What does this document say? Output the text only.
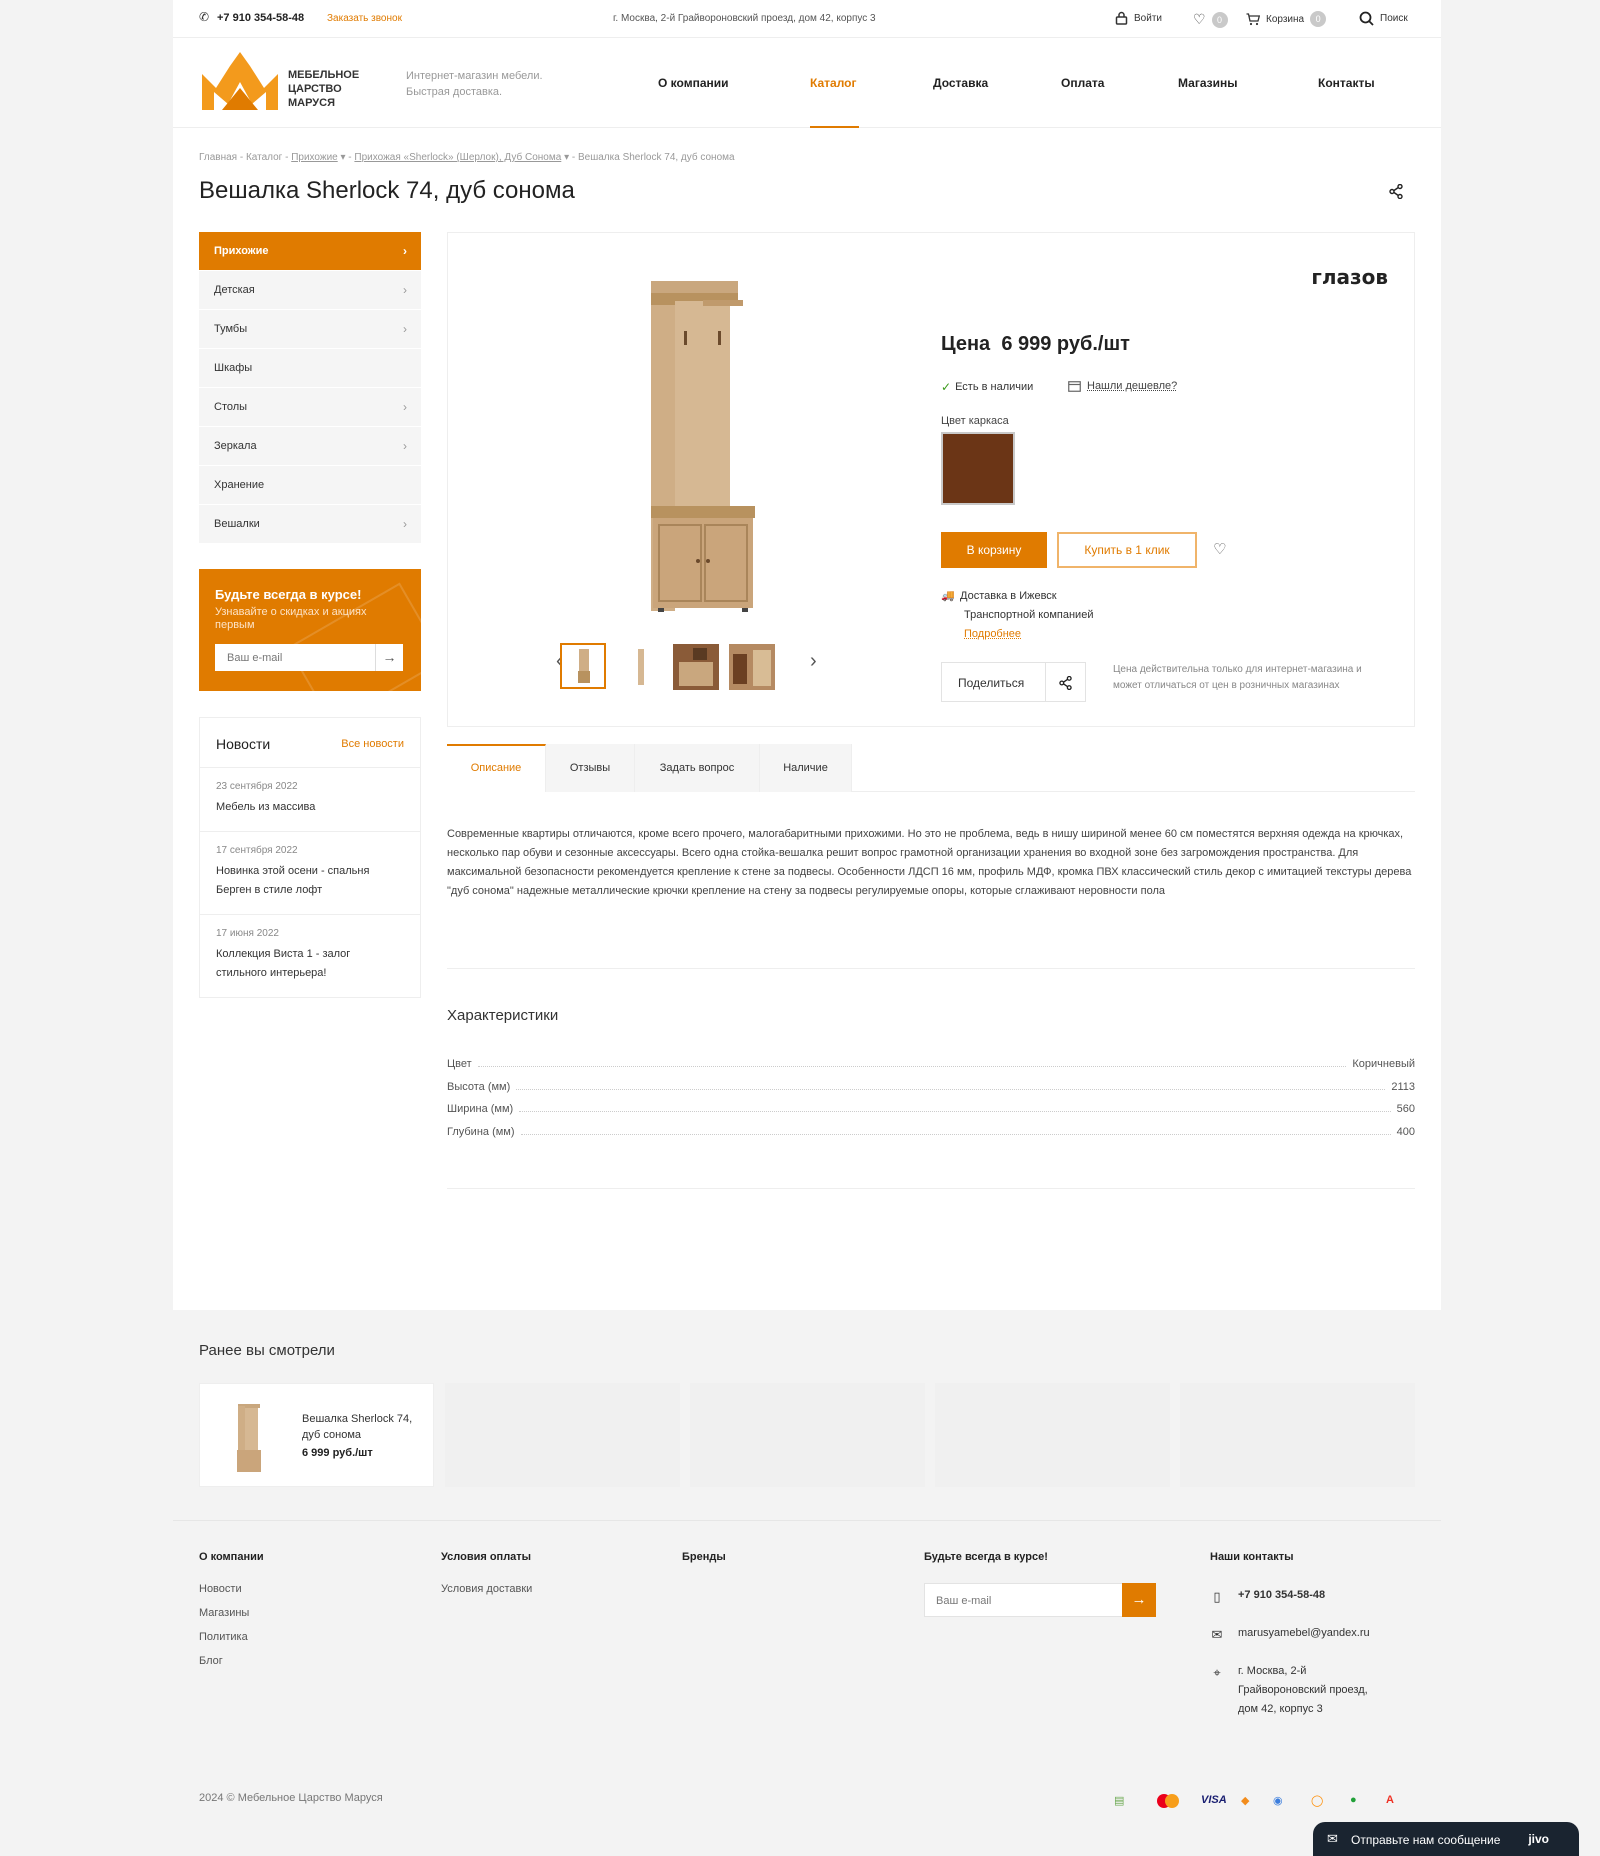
✆ +7 910 354-58-48 Заказать звонок	г. Москва, 2-й Грайвороновский проезд, дом 42, корпус 3	Войти ♡	0	Корзина	0	Поиск
МЕБЕЛЬНОЕ
ЦАРСТВО
МАРУСЯ
Интернет-магазин мебели.
Быстрая доставка.
О компании	Каталог	Доставка	Оплата	Магазины	Контакты
Главная - Каталог - Прихожие ▾ - Прихожая «Sherlock» (Шерлок), Дуб Сонома ▾ - Вешалка Sherlock 74, дуб сонома
Вешалка Sherlock 74, дуб сонома
Прихожие	›
Детская	›
Тумбы	›
Шкафы
Столы	›
Зеркала	›
Хранение
Вешалки	›
Будьте всегда в курсе!
Узнавайте о скидках и акциях первым
Ваш e-mail	→
Новости	Все новости
23 сентября 2022
Мебель из массива
17 сентября 2022
Новинка этой осени - спальня Берген в стиле лофт
17 июня 2022
Коллекция Виста 1 - залог стильного интерьера!
‹	›
глазов
Цена 6 999 руб./шт
✓ Есть в наличии	Нашли дешевле?
Цвет каркаса
В корзину	Купить в 1 клик	♡
🚚 Доставка в Ижевск
Транспортной компанией
Подробнее
Поделиться
Цена действительна только для интернет-магазина и может отличаться от цен в розничных магазинах
Описание	Отзывы	Задать вопрос	Наличие
Современные квартиры отличаются, кроме всего прочего, малогабаритными прихожими. Но это не проблема, ведь в нишу шириной менее 60 см поместятся верхняя одежда на крючках, несколько пар обуви и сезонные аксессуары. Всего одна стойка-вешалка решит вопрос грамотной организации хранения во входной зоне без загромождения пространства. Для максимальной безопасности рекомендуется крепление к стене за подвесы. Особенности ЛДСП 16 мм, профиль МДФ, кромка ПВХ классический стиль декор с имитацией текстуры дерева "дуб сонома" надежные металлические крючки крепление на стену за подвесы регулируемые опоры, которые сглаживают неровности пола
Характеристики
Цвет	Коричневый
Высота (мм)	2113
Ширина (мм)	560
Глубина (мм)	400
Ранее вы смотрели
Вешалка Sherlock 74, дуб сонома
6 999 руб./шт
О компании
Новости
Магазины
Политика
Блог
Условия оплаты
Условия доставки
Бренды	Будьте всегда в курсе!
Ваш e-mail	→
Наши контакты
▯	+7 910 354-58-48
✉ marusyamebel@yandex.ru
⌖	г. Москва, 2-й
Грайвороновский проезд,
дом 42, корпус 3
2024 © Мебельное Царство Маруся	▤	VISA ◆ ◉	◯ ●	A
✉ Отправьте нам сообщение jivo
